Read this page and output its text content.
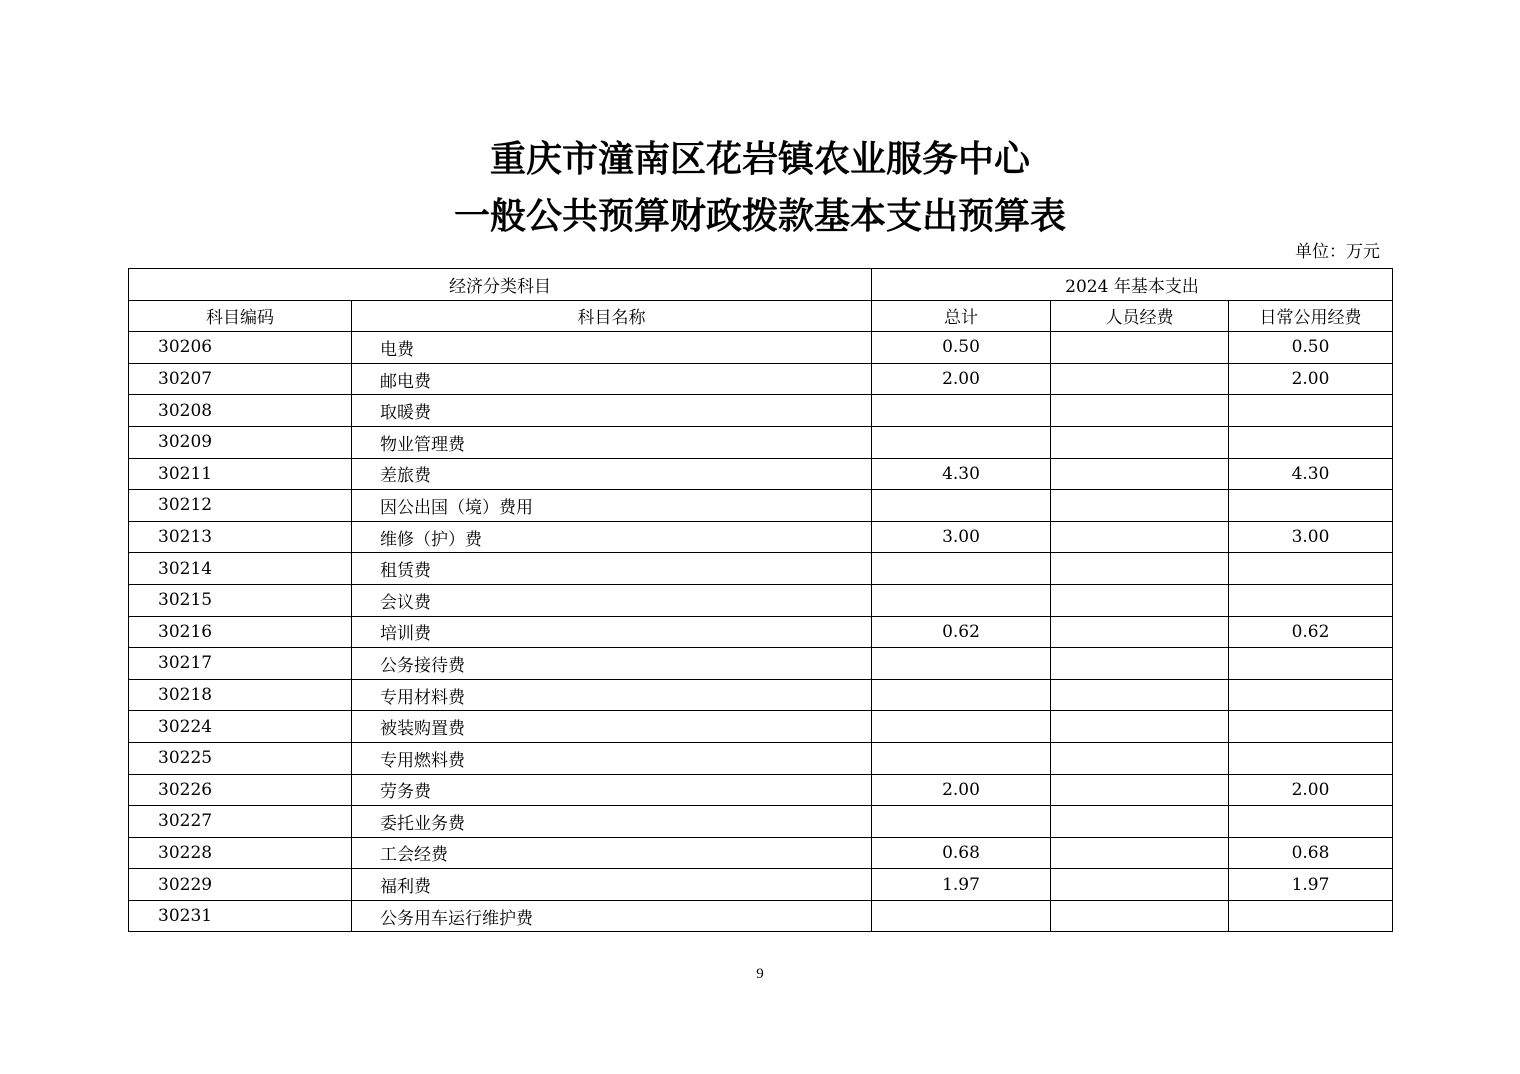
重庆市潼南区花岩镇农业服务中心
一般公共预算财政拨款基本支出预算表
单位：万元
经济分类科目		2024 年基本支出		
科目编码	科目名称	总计	人员经费	日常公用经费
30206	电费	0.50		0.50
30207	邮电费	2.00		2.00
30208	取暖费			
30209	物业管理费			
30211	差旅费	4.30		4.30
30212	因公出国（境）费用			
30213	维修（护）费	3.00		3.00
30214	租赁费			
30215	会议费			
30216	培训费	0.62		0.62
30217	公务接待费			
30218	专用材料费			
30224	被装购置费			
30225	专用燃料费			
30226	劳务费	2.00		2.00
30227	委托业务费			
30228	工会经费	0.68		0.68
30229	福利费	1.97		1.97
30231	公务用车运行维护费			
9
